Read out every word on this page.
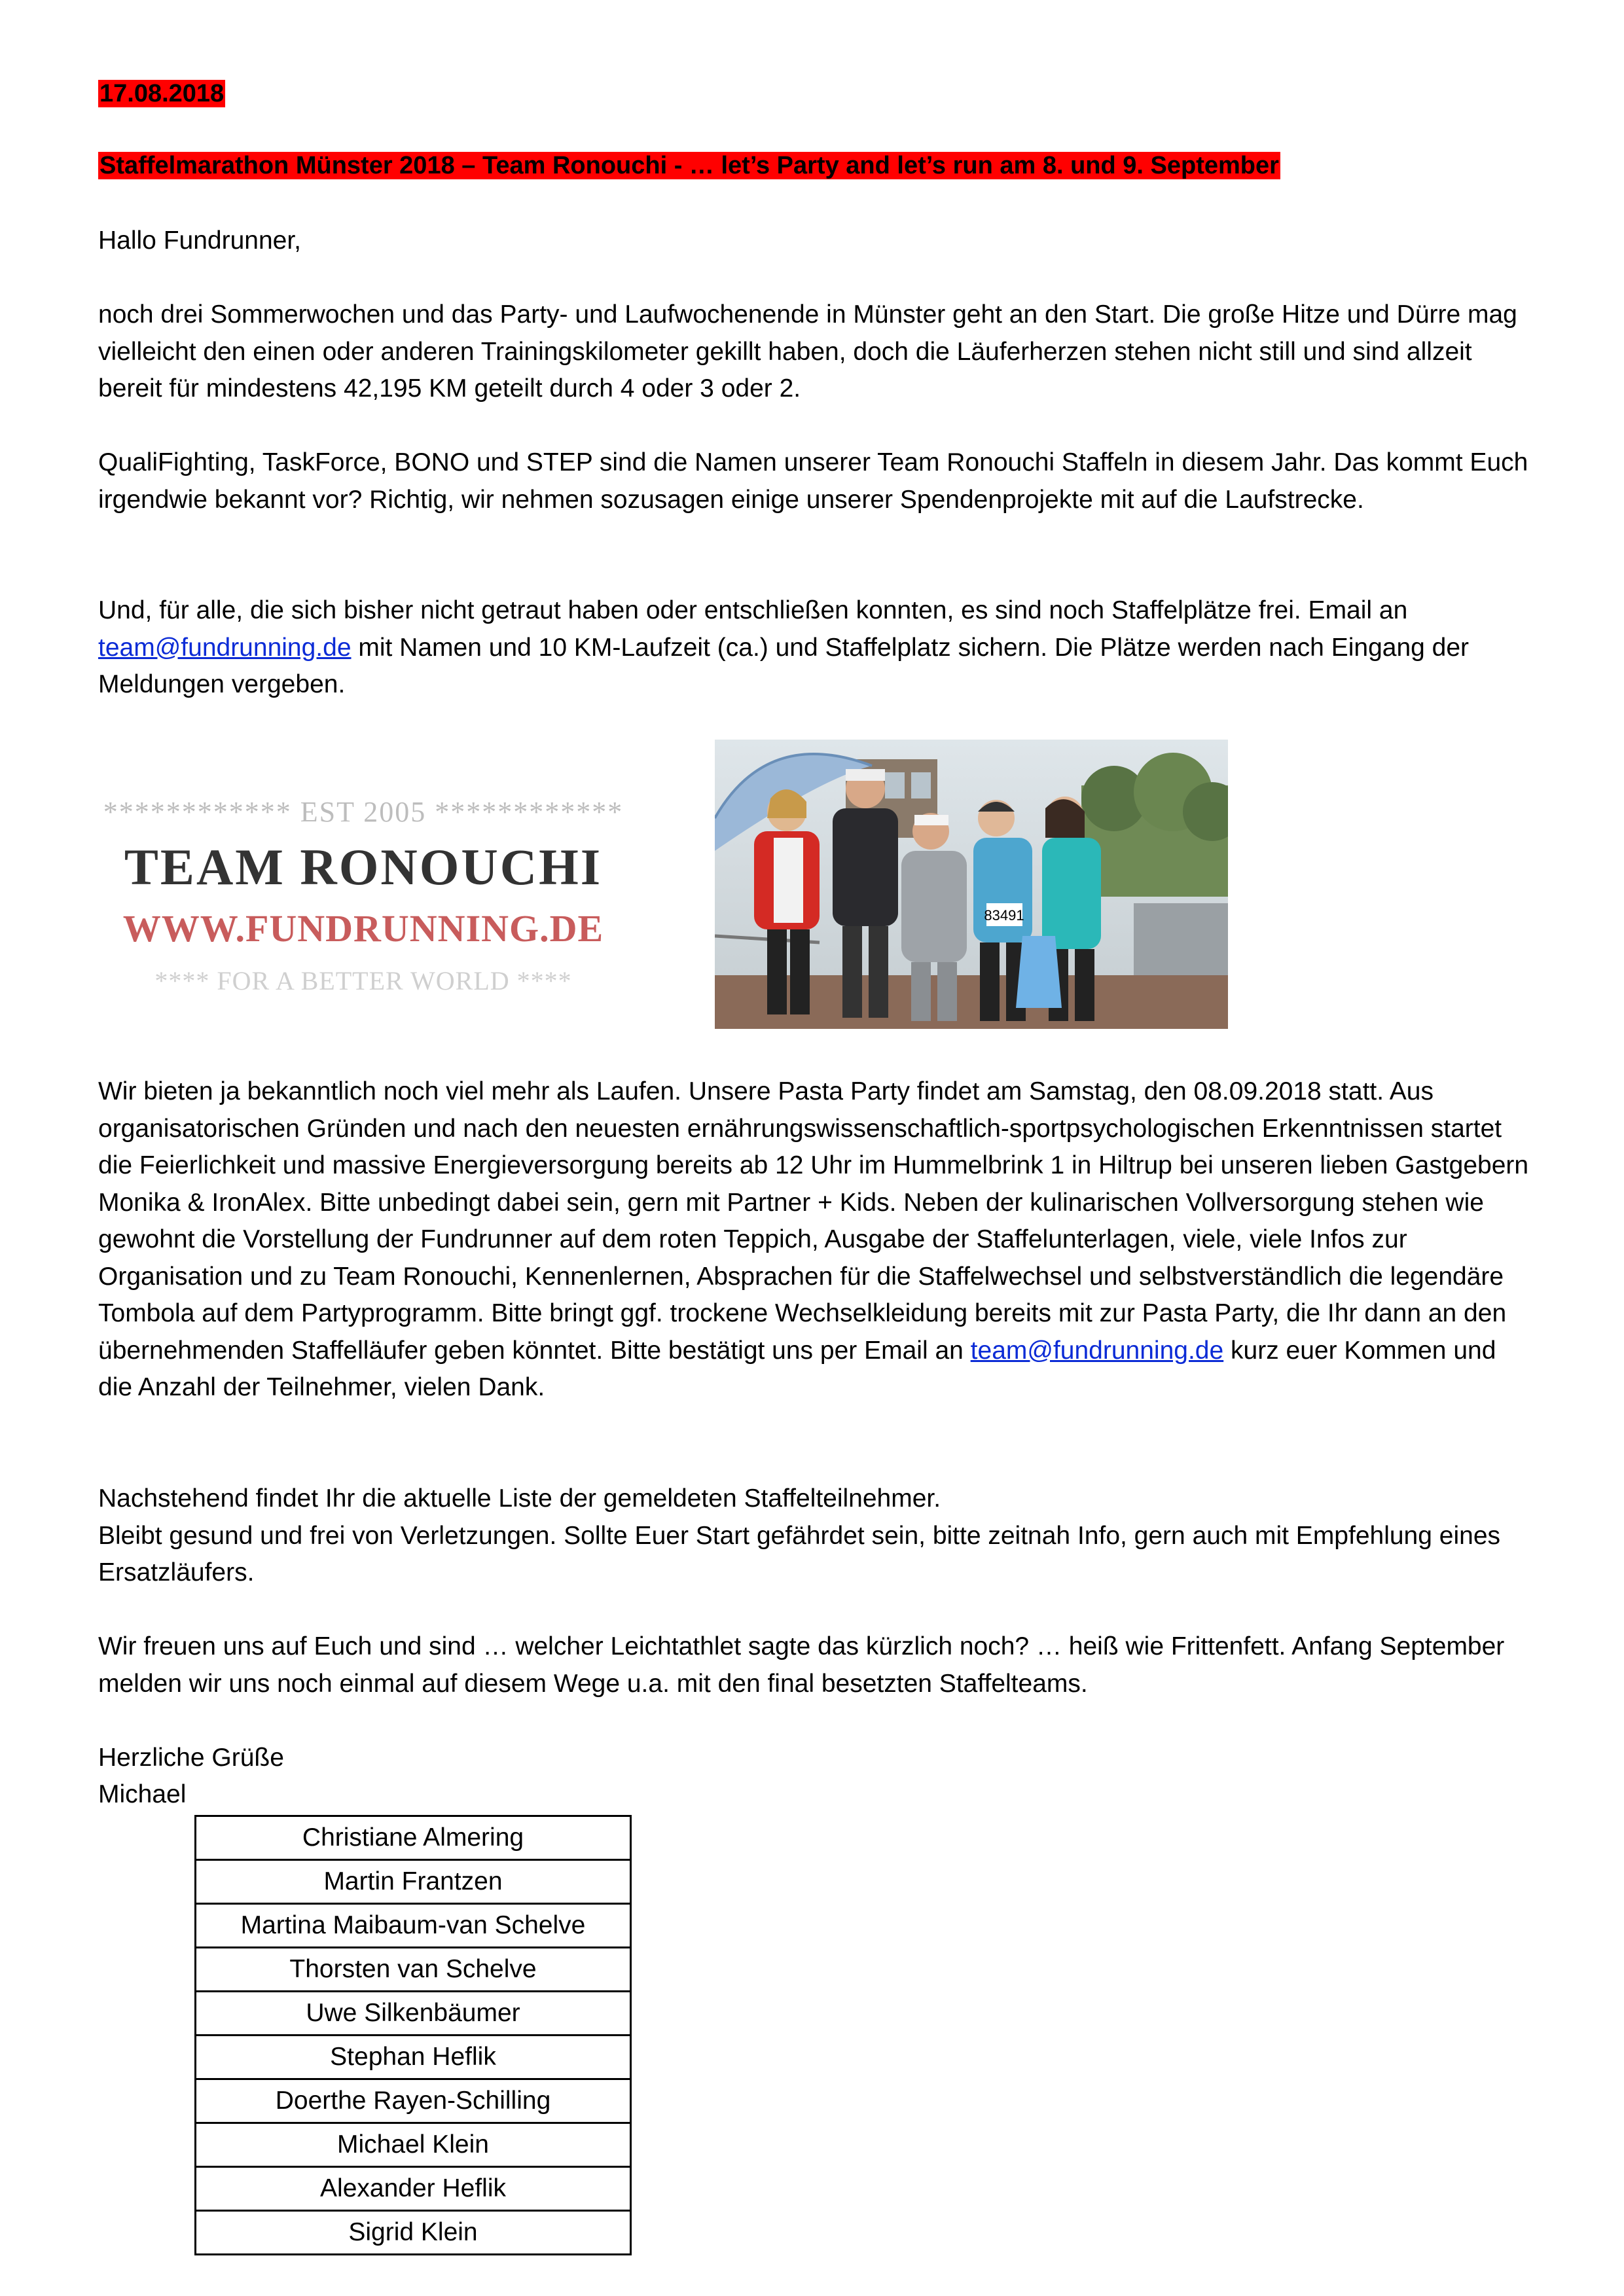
17.08.2018
Staffelmarathon Münster 2018 – Team Ronouchi - … let’s Party and let’s run am 8. und 9. September

Hallo Fundrunner,

noch drei Sommerwochen und das Party- und Laufwochenende in Münster geht an den Start. Die große Hitze und Dürre mag vielleicht den einen oder anderen Trainingskilometer gekillt haben, doch die Läuferherzen stehen nicht still und sind allzeit bereit für mindestens 42,195 KM geteilt durch 4 oder 3 oder 2.

QualiFighting, TaskForce, BONO und STEP sind die Namen unserer Team Ronouchi Staffeln in diesem Jahr. Das kommt Euch irgendwie bekannt vor? Richtig, wir nehmen sozusagen einige unserer Spendenprojekte mit auf die Laufstrecke.

Und, für alle, die sich bisher nicht getraut haben oder entschließen konnten, es sind noch Staffelplätze frei. Email an team@fundrunning.de mit Namen und 10 KM-Laufzeit (ca.) und Staffelplatz sichern. Die Plätze werden nach Eingang der Meldungen vergeben.

Wir bieten ja bekanntlich noch viel mehr als Laufen. Unsere Pasta Party findet am Samstag, den 08.09.2018 statt. Aus organisatorischen Gründen und nach den neuesten ernährungswissenschaftlich-sportpsychologischen Erkenntnissen startet die Feierlichkeit und massive Energieversorgung bereits ab 12 Uhr im Hummelbrink 1 in Hiltrup bei unseren lieben Gastgebern Monika & IronAlex. Bitte unbedingt dabei sein, gern mit Partner + Kids. Neben der kulinarischen Vollversorgung stehen wie gewohnt die Vorstellung der Fundrunner auf dem roten Teppich, Ausgabe der Staffelunterlagen, viele, viele Infos zur Organisation und zu Team Ronouchi, Kennenlernen, Absprachen für die Staffelwechsel und selbstverständlich die legendäre Tombola auf dem Partyprogramm. Bitte bringt ggf. trockene Wechselkleidung bereits mit zur Pasta Party, die Ihr dann an den übernehmenden Staffelläufer geben könntet. Bitte bestätigt uns per Email an team@fundrunning.de kurz euer Kommen und die Anzahl der Teilnehmer, vielen Dank.

Nachstehend findet Ihr die aktuelle Liste der gemeldeten Staffelteilnehmer.
Bleibt gesund und frei von Verletzungen. Sollte Euer Start gefährdet sein, bitte zeitnah Info, gern auch mit Empfehlung eines Ersatzläufers.

Wir freuen uns auf Euch und sind … welcher Leichtathlet sagte das kürzlich noch? … heiß wie Frittenfett. Anfang September melden wir uns noch einmal auf diesem Wege u.a. mit den final besetzten Staffelteams.

Herzliche Grüße

Michael

************ EST 2005 ************
TEAM RONOUCHI
WWW.FUNDRUNNING.DE
**** FOR A BETTER WORLD ****
83491
Christiane Almering
Martin Frantzen
Martina Maibaum-van Schelve
Thorsten van Schelve
Uwe Silkenbäumer
Stephan Heflik
Doerthe Rayen-Schilling
Michael Klein
Alexander Heflik
Sigrid Klein
